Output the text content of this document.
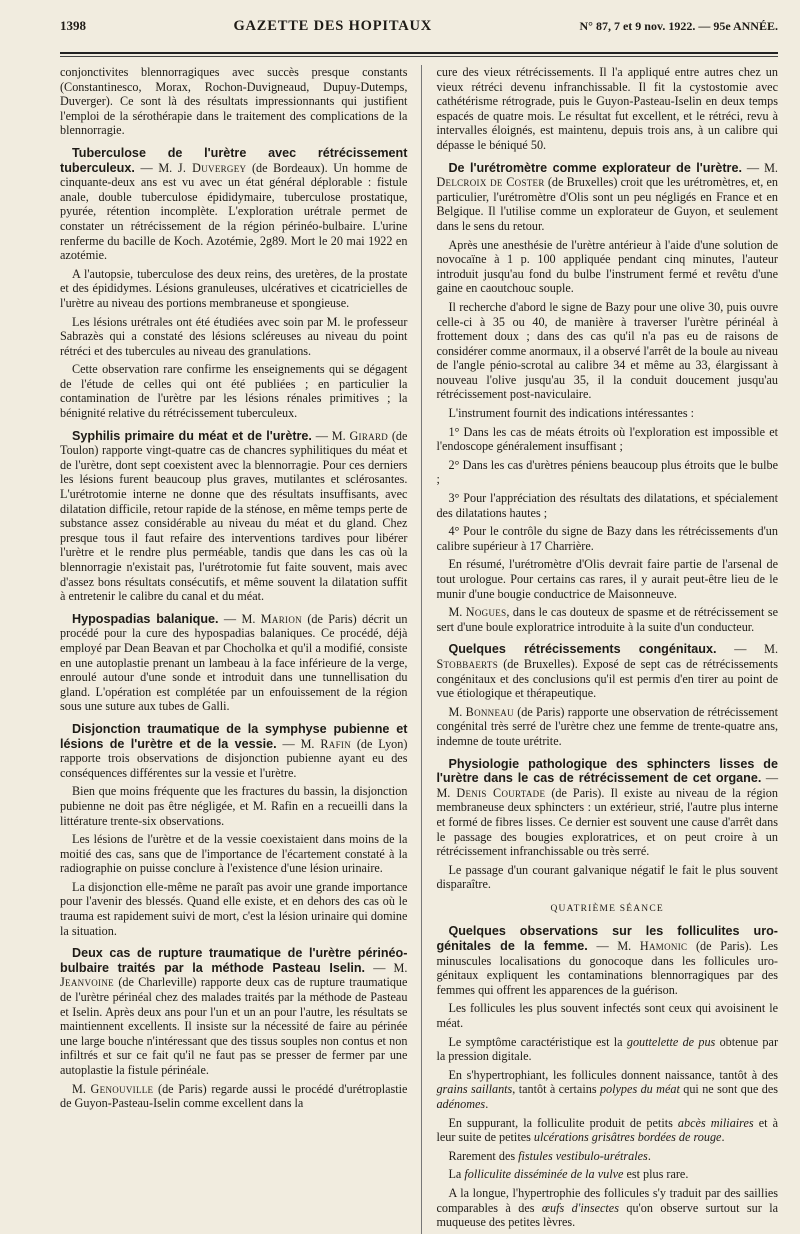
1398	GAZETTE DES HOPITAUX	N° 87, 7 et 9 nov. 1922. — 95e ANNÉE.

conjonctivites blennorragiques avec succès presque constants (Constantinesco, Morax, Rochon-Duvigneaud, Dupuy-Dutemps, Duverger). Ce sont là des résultats impressionnants qui justifient l'emploi de la sérothérapie dans le traitement des complications de la blennorragie.

Tuberculose de l'urètre avec rétrécissement tuberculeux. — M. J. Duvergey (de Bordeaux). Un homme de cinquante-deux ans est vu avec un état général déplorable : fistule anale, double tuberculose épididymaire, tuberculose prostatique, pyurée, rétention incomplète. L'exploration urétrale permet de constater un rétrécissement de la région périnéo-bulbaire. L'urine renferme du bacille de Koch. Azotémie, 2g89. Mort le 20 mai 1922 en azotémie.

A l'autopsie, tuberculose des deux reins, des uretères, de la prostate et des épididymes. Lésions granuleuses, ulcératives et cicatricielles de l'urètre au niveau des portions membraneuse et spongieuse.

Les lésions urétrales ont été étudiées avec soin par M. le professeur Sabrazès qui a constaté des lésions scléreuses au niveau du point rétréci et des tubercules au niveau des granulations.

Cette observation rare confirme les enseignements qui se dégagent de l'étude de celles qui ont été publiées ; en particulier la contamination de l'urètre par les lésions rénales primitives ; la bénignité relative du rétrécissement tuberculeux.

Syphilis primaire du méat et de l'urètre. — M. Girard (de Toulon) rapporte vingt-quatre cas de chancres syphilitiques du méat et de l'urètre, dont sept coexistent avec la blennorragie. Pour ces derniers les lésions furent beaucoup plus graves, mutilantes et sclérosantes. L'urétrotomie interne ne donne que des résultats insuffisants, avec dilatation difficile, retour rapide de la sténose, en même temps perte de substance assez considérable au niveau du méat et du gland. Chez presque tous il faut refaire des interventions tardives pour libérer l'urètre et le rendre plus perméable, tandis que dans les cas où la blennorragie n'existait pas, l'urétrotomie fut faite souvent, mais avec d'assez bons résultats consécutifs, et même souvent la dilatation suffit à entretenir le calibre du canal et du méat.

Hypospadias balanique. — M. Marion (de Paris) décrit un procédé pour la cure des hypospadias balaniques. Ce procédé, déjà employé par Dean Beavan et par Chocholka et qu'il a modifié, consiste en une autoplastie prenant un lambeau à la face inférieure de la verge, enroulé autour d'une sonde et introduit dans une tunnellisation du gland. L'opération est complétée par un enfouissement de la région sous une suture aux tubes de Galli.

Disjonction traumatique de la symphyse pubienne et lésions de l'urètre et de la vessie. — M. Rafin (de Lyon) rapporte trois observations de disjonction pubienne ayant eu des conséquences différentes sur la vessie et l'urètre.

Bien que moins fréquente que les fractures du bassin, la disjonction pubienne ne doit pas être négligée, et M. Rafin en a recueilli dans la littérature trente-six observations.

Les lésions de l'urètre et de la vessie coexistaient dans moins de la moitié des cas, sans que de l'importance de l'écartement constaté à la radiographie on puisse conclure à l'existence d'une lésion urinaire.

La disjonction elle-même ne paraît pas avoir une grande importance pour l'avenir des blessés. Quand elle existe, et en dehors des cas où le trauma est rapidement suivi de mort, c'est la lésion urinaire qui domine la situation.

Deux cas de rupture traumatique de l'urètre périnéo-bulbaire traités par la méthode Pasteau Iselin. — M. Jeanvoine (de Charleville) rapporte deux cas de rupture traumatique de l'urètre périnéal chez des malades traités par la méthode de Pasteau et Iselin. Après deux ans pour l'un et un an pour l'autre, les résultats se maintiennent excellents. Il insiste sur la nécessité de faire au périnée une large bouche n'intéressant que des tissus souples non contus et non infiltrés et sur ce fait qu'il ne faut pas se presser de fermer par une autoplastie la fistule périnéale.

M. Genouville (de Paris) regarde aussi le procédé d'urétroplastie de Guyon-Pasteau-Iselin comme excellent dans la

cure des vieux rétrécissements. Il l'a appliqué entre autres chez un vieux rétréci devenu infranchissable. Il fit la cystostomie avec cathétérisme rétrograde, puis le Guyon-Pasteau-Iselin en deux temps espacés de quatre mois. Le résultat fut excellent, et le rétréci, revu à intervalles éloignés, est maintenu, depuis trois ans, à un calibre qui dépasse le béniqué 50.

De l'urétromètre comme explorateur de l'urètre. — M. Delcroix de Coster (de Bruxelles) croit que les urétromètres, et, en particulier, l'urétromètre d'Olis sont un peu négligés en France et en Belgique. Il l'utilise comme un explorateur de Guyon, et seulement dans le sens du retour.

Après une anesthésie de l'urètre antérieur à l'aide d'une solution de novocaïne à 1 p. 100 appliquée pendant cinq minutes, l'auteur introduit jusqu'au fond du bulbe l'instrument fermé et revêtu d'une gaine en caoutchouc souple.

Il recherche d'abord le signe de Bazy pour une olive 30, puis ouvre celle-ci à 35 ou 40, de manière à traverser l'urètre périnéal à frottement doux ; dans des cas qu'il n'a pas eu de raisons de considérer comme anormaux, il a observé l'arrêt de la boule au niveau de l'angle pénio-scrotal au calibre 34 et même au 33, élargissant à nouveau l'olive jusqu'au 35, il la conduit doucement jusqu'au rétrécissement post-naviculaire.

L'instrument fournit des indications intéressantes :

1° Dans les cas de méats étroits où l'exploration est impossible et l'endoscope généralement insuffisant ;

2° Dans les cas d'urètres péniens beaucoup plus étroits que le bulbe ;

3° Pour l'appréciation des résultats des dilatations, et spécialement des dilatations hautes ;

4° Pour le contrôle du signe de Bazy dans les rétrécissements d'un calibre supérieur à 17 Charrière.

En résumé, l'urétromètre d'Olis devrait faire partie de l'arsenal de tout urologue. Pour certains cas rares, il y aurait peut-être lieu de le munir d'une bougie conductrice de Maisonneuve.

M. Nogues, dans le cas douteux de spasme et de rétrécissement se sert d'une boule exploratrice introduite à la suite d'un conducteur.

Quelques rétrécissements congénitaux. — M. Stobbaerts (de Bruxelles). Exposé de sept cas de rétrécissements congénitaux et des conclusions qu'il est permis d'en tirer au point de vue étiologique et thérapeutique.

M. Bonneau (de Paris) rapporte une observation de rétrécissement congénital très serré de l'urètre chez une femme de trente-quatre ans, indemne de toute urétrite.

Physiologie pathologique des sphincters lisses de l'urètre dans le cas de rétrécissement de cet organe. — M. Denis Courtade (de Paris). Il existe au niveau de la région membraneuse deux sphincters : un extérieur, strié, l'autre plus interne et formé de fibres lisses. Ce dernier est souvent une cause d'arrêt dans le passage des bougies exploratrices, et on peut croire à un rétrécissement infranchissable ou très serré.

Le passage d'un courant galvanique négatif le fait le plus souvent disparaître.

QUATRIÈME SÉANCE

Quelques observations sur les folliculites uro-génitales de la femme. — M. Hamonic (de Paris). Les minuscules localisations du gonocoque dans les follicules uro-génitaux expliquent les contaminations blennorragiques par des femmes qui offrent les apparences de la guérison.

Les follicules les plus souvent infectés sont ceux qui avoisinent le méat.

Le symptôme caractéristique est la gouttelette de pus obtenue par la pression digitale.

En s'hypertrophiant, les follicules donnent naissance, tantôt à des grains saillants, tantôt à certains polypes du méat qui ne sont que des adénomes.

En suppurant, la folliculite produit de petits abcès miliaires et à leur suite de petites ulcérations grisâtres bordées de rouge.

Rarement des fistules vestibulo-urétrales.

La folliculite disséminée de la vulve est plus rare.

A la longue, l'hypertrophie des follicules s'y traduit par des saillies comparables à des œufs d'insectes qu'on observe surtout sur la muqueuse des petites lèvres.
